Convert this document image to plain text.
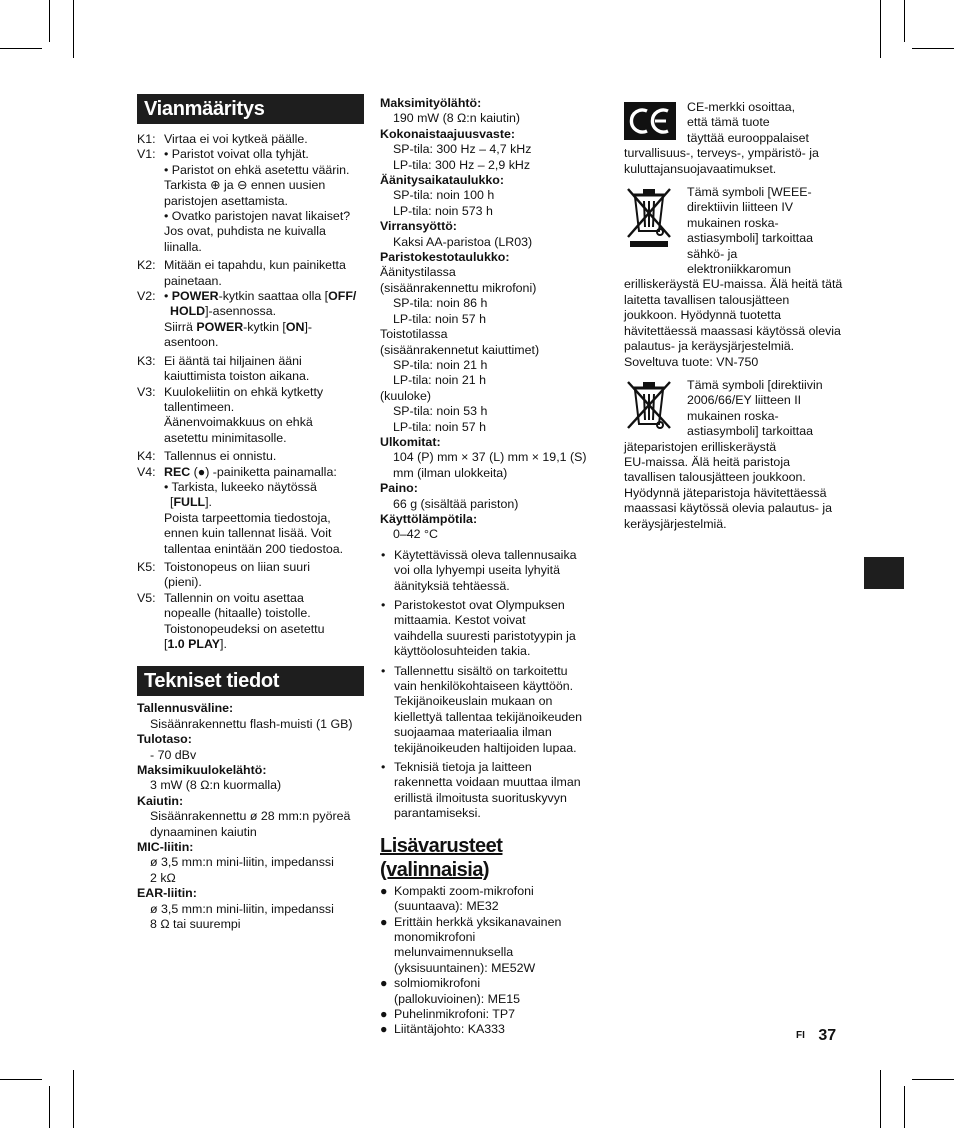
Vianmääritys
K1: Virtaa ei voi kytkeä päälle.
V1: • Paristot voivat olla tyhjät.
• Paristot on ehkä asetettu väärin.
Tarkista ⊕ ja ⊖ ennen uusien
paristojen asettamista.
• Ovatko paristojen navat likaiset?
Jos ovat, puhdista ne kuivalla
liinalla.
K2: Mitään ei tapahdu, kun painiketta
painetaan.
V2: • POWER-kytkin saattaa olla [OFF/
HOLD]-asennossa.
Siirrä POWER-kytkin [ON]-
asentoon.
K3: Ei ääntä tai hiljainen ääni
kaiuttimista toiston aikana.
V3: Kuulokeliitin on ehkä kytketty
tallentimeen.
Äänenvoimakkuus on ehkä
asetettu minimitasolle.
K4: Tallennus ei onnistu.
V4: REC (●) -painiketta painamalla:
• Tarkista, lukeeko näytössä
[FULL].
Poista tarpeettomia tiedostoja,
ennen kuin tallennat lisää. Voit
tallentaa enintään 200 tiedostoa.
K5: Toistonopeus on liian suuri
(pieni).
V5: Tallennin on voitu asettaa
nopealle (hitaalle) toistolle.
Toistonopeudeksi on asetettu
[1.0 PLAY].
Tekniset tiedot
Tallennusväline:
Sisäänrakennettu flash-muisti (1 GB)
Tulotaso:
- 70 dBv
Maksimikuulokelähtö:
3 mW (8 Ω:n kuormalla)
Kaiutin:
Sisäänrakennettu ø 28 mm:n pyöreä
dynaaminen kaiutin
MIC-liitin:
ø 3,5 mm:n mini-liitin, impedanssi
2 kΩ
EAR-liitin:
ø 3,5 mm:n mini-liitin, impedanssi
8 Ω tai suurempi
Maksimityölähtö:
190 mW (8 Ω:n kaiutin)
Kokonaistaajuusvaste:
SP-tila: 300 Hz – 4,7 kHz
LP-tila: 300 Hz – 2,9 kHz
Äänitysaikataulukko:
SP-tila: noin 100 h
LP-tila: noin 573 h
Virransyöttö:
Kaksi AA-paristoa (LR03)
Paristokestotaulukko:
Äänitystilassa
(sisäänrakennettu mikrofoni)
SP-tila: noin 86 h
LP-tila: noin 57 h
Toistotilassa
(sisäänrakennetut kaiuttimet)
SP-tila: noin 21 h
LP-tila: noin 21 h
(kuuloke)
SP-tila: noin 53 h
LP-tila: noin 57 h
Ulkomitat:
104 (P) mm × 37 (L) mm × 19,1 (S)
mm (ilman ulokkeita)
Paino:
66 g (sisältää pariston)
Käyttölämpötila:
0–42 °C
• Käytettävissä oleva tallennusaika
voi olla lyhyempi useita lyhyitä
äänityksiä tehtäessä.
• Paristokestot ovat Olympuksen
mittaamia. Kestot voivat
vaihdella suuresti paristotyypin ja
käyttöolosuhteiden takia.
• Tallennettu sisältö on tarkoitettu
vain henkilökohtaiseen käyttöön.
Tekijänoikeuslain mukaan on
kiellettyä tallentaa tekijänoikeuden
suojaamaa materiaalia ilman
tekijänoikeuden haltijoiden lupaa.
• Teknisiä tietoja ja laitteen
rakennetta voidaan muuttaa ilman
erillistä ilmoitusta suorituskyvyn
parantamiseksi.
Lisävarusteet (valinnaisia)
● Kompakti zoom-mikrofoni
(suuntaava): ME32
● Erittäin herkkä yksikanavainen
monomikrofoni
melunvaimennuksella
(yksisuuntainen): ME52W
● solmiomikrofoni
(pallokuvioinen): ME15
● Puhelinmikrofoni: TP7
● Liitäntäjohto: KA333
CE-merkki osoittaa,
että tämä tuote
täyttää eurooppalaiset
turvallisuus-, terveys-, ympäristö- ja
kuluttajansuojavaatimukset.
Tämä symboli [WEEE-
direktiivin liitteen IV
mukainen roska-
astiasymboli] tarkoittaa
sähkö- ja
elektroniikkaromun
erilliskeräystä EU-maissa. Älä heitä tätä
laitetta tavallisen talousjätteen
joukkoon. Hyödynnä tuotetta
hävitettäessä maassasi käytössä olevia
palautus- ja keräysjärjestelmiä.
Soveltuva tuote: VN-750
Tämä symboli [direktiivin
2006/66/EY liitteen II
mukainen roska-
astiasymboli] tarkoittaa
jäteparistojen erilliskeräystä
EU-maissa. Älä heitä paristoja
tavallisen talousjätteen joukkoon.
Hyödynnä jäteparistoja hävitettäessä
maassasi käytössä olevia palautus- ja
keräysjärjestelmiä.
FI 37
